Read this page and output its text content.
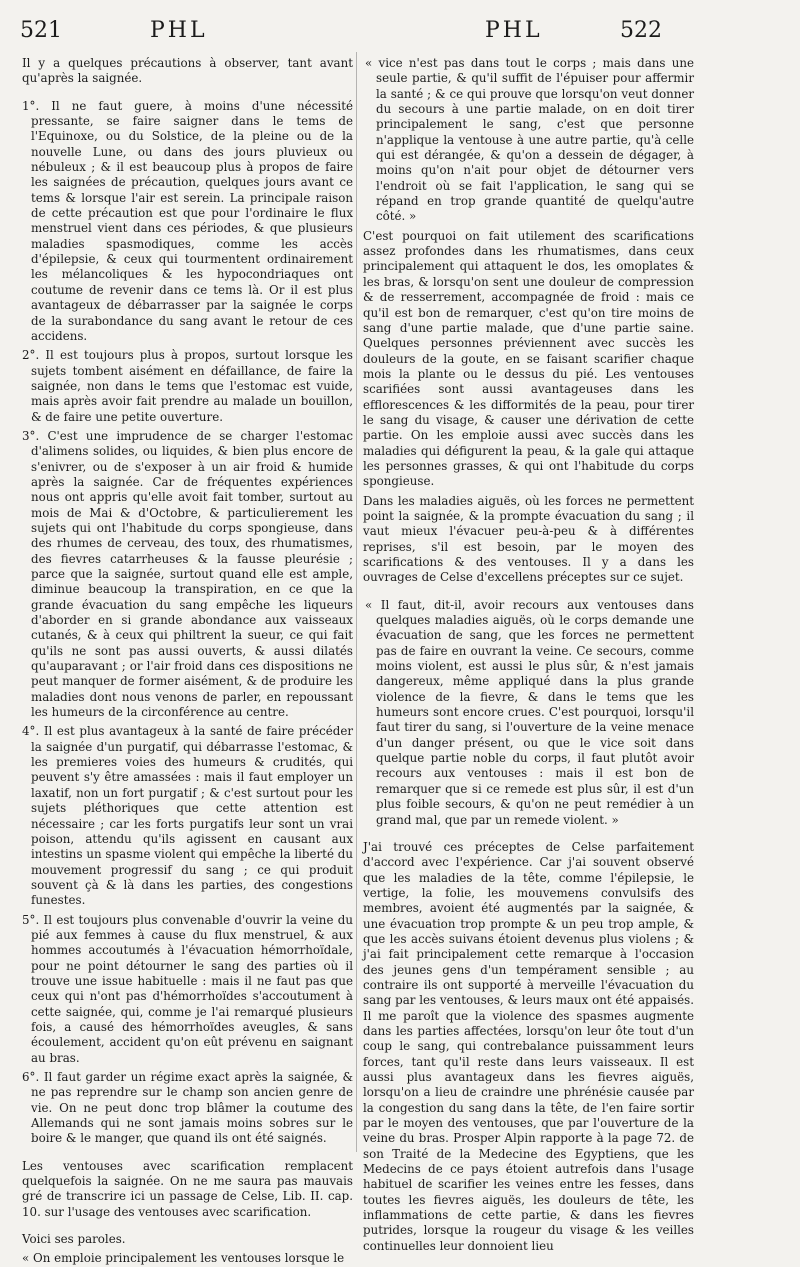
521	PHL	PHL	522

Il y a quelques précautions à observer, tant avant qu'après la saignée.

1°. Il ne faut guere, à moins d'une nécessité pressante, se faire saigner dans le tems de l'Equinoxe, ou du Solstice, de la pleine ou de la nouvelle Lune, ou dans des jours pluvieux ou nébuleux ; & il est beaucoup plus à propos de faire les saignées de précaution, quelques jours avant ce tems & lorsque l'air est serein. La principale raison de cette précaution est que pour l'ordinaire le flux menstruel vient dans ces périodes, & que plusieurs maladies spasmodiques, comme les accès d'épilepsie, & ceux qui tourmentent ordinairement les mélancoliques & les hypocondriaques ont coutume de revenir dans ce tems là. Or il est plus avantageux de débarrasser par la saignée le corps de la surabondance du sang avant le retour de ces accidens.

2°. Il est toujours plus à propos, surtout lorsque les sujets tombent aisément en défaillance, de faire la saignée, non dans le tems que l'estomac est vuide, mais après avoir fait prendre au malade un bouillon, & de faire une petite ouverture.

3°. C'est une imprudence de se charger l'estomac d'alimens solides, ou liquides, & bien plus encore de s'enivrer, ou de s'exposer à un air froid & humide après la saignée. Car de fréquentes expériences nous ont appris qu'elle avoit fait tomber, surtout au mois de Mai & d'Octobre, & particulierement les sujets qui ont l'habitude du corps spongieuse, dans des rhumes de cerveau, des toux, des rhumatismes, des fievres catarrheuses & la fausse pleurésie ; parce que la saignée, surtout quand elle est ample, diminue beaucoup la transpiration, en ce que la grande évacuation du sang empêche les liqueurs d'aborder en si grande abondance aux vaisseaux cutanés, & à ceux qui philtrent la sueur, ce qui fait qu'ils ne sont pas aussi ouverts, & aussi dilatés qu'auparavant ; or l'air froid dans ces dispositions ne peut manquer de former aisément, & de produire les maladies dont nous venons de parler, en repoussant les humeurs de la circonférence au centre.

4°. Il est plus avantageux à la santé de faire précéder la saignée d'un purgatif, qui débarrasse l'estomac, & les premieres voies des humeurs & crudités, qui peuvent s'y être amassées : mais il faut employer un laxatif, non un fort purgatif ; & c'est surtout pour les sujets pléthoriques que cette attention est nécessaire ; car les forts purgatifs leur sont un vrai poison, attendu qu'ils agissent en causant aux intestins un spasme violent qui empêche la liberté du mouvement progressif du sang ; ce qui produit souvent çà & là dans les parties, des congestions funestes.

5°. Il est toujours plus convenable d'ouvrir la veine du pié aux femmes à cause du flux menstruel, & aux hommes accoutumés à l'évacuation hémorrhoïdale, pour ne point détourner le sang des parties où il trouve une issue habituelle : mais il ne faut pas que ceux qui n'ont pas d'hémorrhoïdes s'accoutument à cette saignée, qui, comme je l'ai remarqué plusieurs fois, a causé des hémorrhoïdes aveugles, & sans écoulement, accident qu'on eût prévenu en saignant au bras.

6°. Il faut garder un régime exact après la saignée, & ne pas reprendre sur le champ son ancien genre de vie. On ne peut donc trop blâmer la coutume des Allemands qui ne sont jamais moins sobres sur le boire & le manger, que quand ils ont été saignés.

Les ventouses avec scarification remplacent quelquefois la saignée. On ne me saura pas mauvais gré de transcrire ici un passage de Celse, Lib. II. cap. 10. sur l'usage des ventouses avec scarification.

Voici ses paroles.

« On emploie principalement les ventouses lorsque le

« vice n'est pas dans tout le corps ; mais dans une seule partie, & qu'il suffit de l'épuiser pour affermir la santé ; & ce qui prouve que lorsqu'on veut donner du secours à une partie malade, on en doit tirer principalement le sang, c'est que personne n'applique la ventouse à une autre partie, qu'à celle qui est dérangée, & qu'on a dessein de dégager, à moins qu'on n'ait pour objet de détourner vers l'endroit où se fait l'application, le sang qui se répand en trop grande quantité de quelqu'autre côté. »

C'est pourquoi on fait utilement des scarifications assez profondes dans les rhumatismes, dans ceux principalement qui attaquent le dos, les omoplates & les bras, & lorsqu'on sent une douleur de compression & de resserrement, accompagnée de froid : mais ce qu'il est bon de remarquer, c'est qu'on tire moins de sang d'une partie malade, que d'une partie saine. Quelques personnes préviennent avec succès les douleurs de la goute, en se faisant scarifier chaque mois la plante ou le dessus du pié. Les ventouses scarifiées sont aussi avantageuses dans les efflorescences & les difformités de la peau, pour tirer le sang du visage, & causer une dérivation de cette partie. On les emploie aussi avec succès dans les maladies qui défigurent la peau, & la gale qui attaque les personnes grasses, & qui ont l'habitude du corps spongieuse.

Dans les maladies aiguës, où les forces ne permettent point la saignée, & la prompte évacuation du sang ; il vaut mieux l'évacuer peu-à-peu & à différentes reprises, s'il est besoin, par le moyen des scarifications & des ventouses. Il y a dans les ouvrages de Celse d'excellens préceptes sur ce sujet.

« Il faut, dit-il, avoir recours aux ventouses dans quelques maladies aiguës, où le corps demande une évacuation de sang, que les forces ne permettent pas de faire en ouvrant la veine. Ce secours, comme moins violent, est aussi le plus sûr, & n'est jamais dangereux, même appliqué dans la plus grande violence de la fievre, & dans le tems que les humeurs sont encore crues. C'est pourquoi, lorsqu'il faut tirer du sang, si l'ouverture de la veine menace d'un danger présent, ou que le vice soit dans quelque partie noble du corps, il faut plutôt avoir recours aux ventouses : mais il est bon de remarquer que si ce remede est plus sûr, il est d'un plus foible secours, & qu'on ne peut remédier à un grand mal, que par un remede violent. »

J'ai trouvé ces préceptes de Celse parfaitement d'accord avec l'expérience. Car j'ai souvent observé que les maladies de la tête, comme l'épilepsie, le vertige, la folie, les mouvemens convulsifs des membres, avoient été augmentés par la saignée, & une évacuation trop prompte & un peu trop ample, & que les accès suivans étoient devenus plus violens ; & j'ai fait principalement cette remarque à l'occasion des jeunes gens d'un tempérament sensible ; au contraire ils ont supporté à merveille l'évacuation du sang par les ventouses, & leurs maux ont été appaisés. Il me paroît que la violence des spasmes augmente dans les parties affectées, lorsqu'on leur ôte tout d'un coup le sang, qui contrebalance puissamment leurs forces, tant qu'il reste dans leurs vaisseaux. Il est aussi plus avantageux dans les fievres aiguës, lorsqu'on a lieu de craindre une phrénésie causée par la congestion du sang dans la tête, de l'en faire sortir par le moyen des ventouses, que par l'ouverture de la veine du bras. Prosper Alpin rapporte à la page 72. de son Traité de la Medecine des Egyptiens, que les Medecins de ce pays étoient autrefois dans l'usage habituel de scarifier les veines entre les fesses, dans toutes les fievres aiguës, les douleurs de tête, les inflammations de cette partie, & dans les fievres putrides, lorsque la rougeur du visage & les veilles continuelles leur donnoient lieu
